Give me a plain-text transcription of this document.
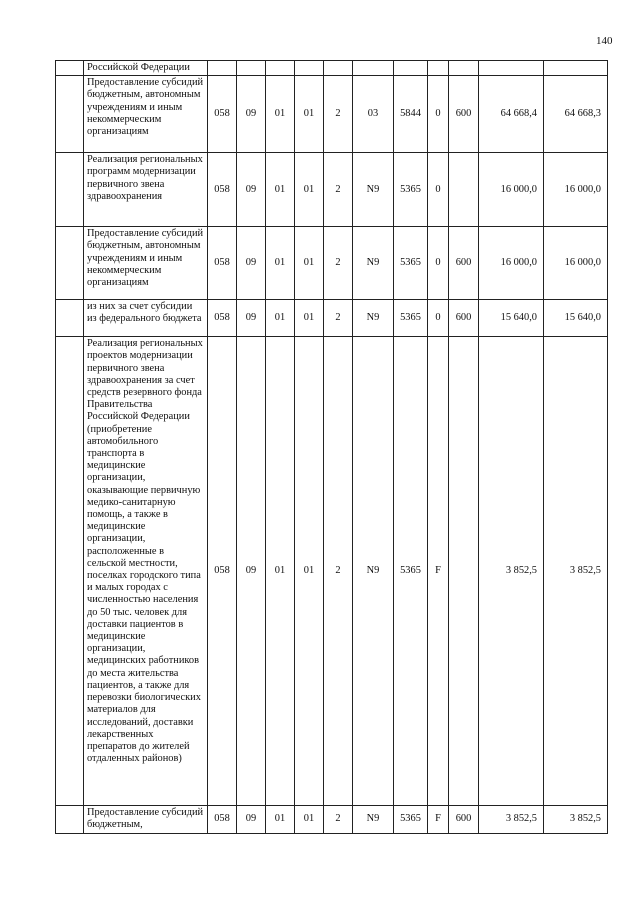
140
	Российской Федерации											
	Предоставление субсидий бюджетным, автономным учреждениям и иным некоммерческим организациям	058	09	01	01	2	03	5844	0	600	64 668,4	64 668,3
	Реализация региональных программ модернизации первичного звена здравоохранения	058	09	01	01	2	N9	5365	0		16 000,0	16 000,0
	Предоставление субсидий бюджетным, автономным учреждениям и иным некоммерческим организациям	058	09	01	01	2	N9	5365	0	600	16 000,0	16 000,0
	из них за счет субсидии из федерального бюджета	058	09	01	01	2	N9	5365	0	600	15 640,0	15 640,0
	Реализация региональных проектов модернизации первичного звена здравоохранения за счет средств резервного фонда Правительства Российской Федерации (приобретение автомобильного транспорта в медицинские организации, оказывающие первичную медико-санитарную помощь, а также в медицинские организации, расположенные в сельской местности, поселках городского типа и малых городах с численностью населения до 50 тыс. человек для доставки пациентов в медицинские организации, медицинских работников до места жительства пациентов, а также для перевозки биологических материалов для исследований, доставки лекарственных препаратов до жителей отдаленных районов)	058	09	01	01	2	N9	5365	F		3 852,5	3 852,5
	Предоставление субсидий бюджетным,	058	09	01	01	2	N9	5365	F	600	3 852,5	3 852,5
